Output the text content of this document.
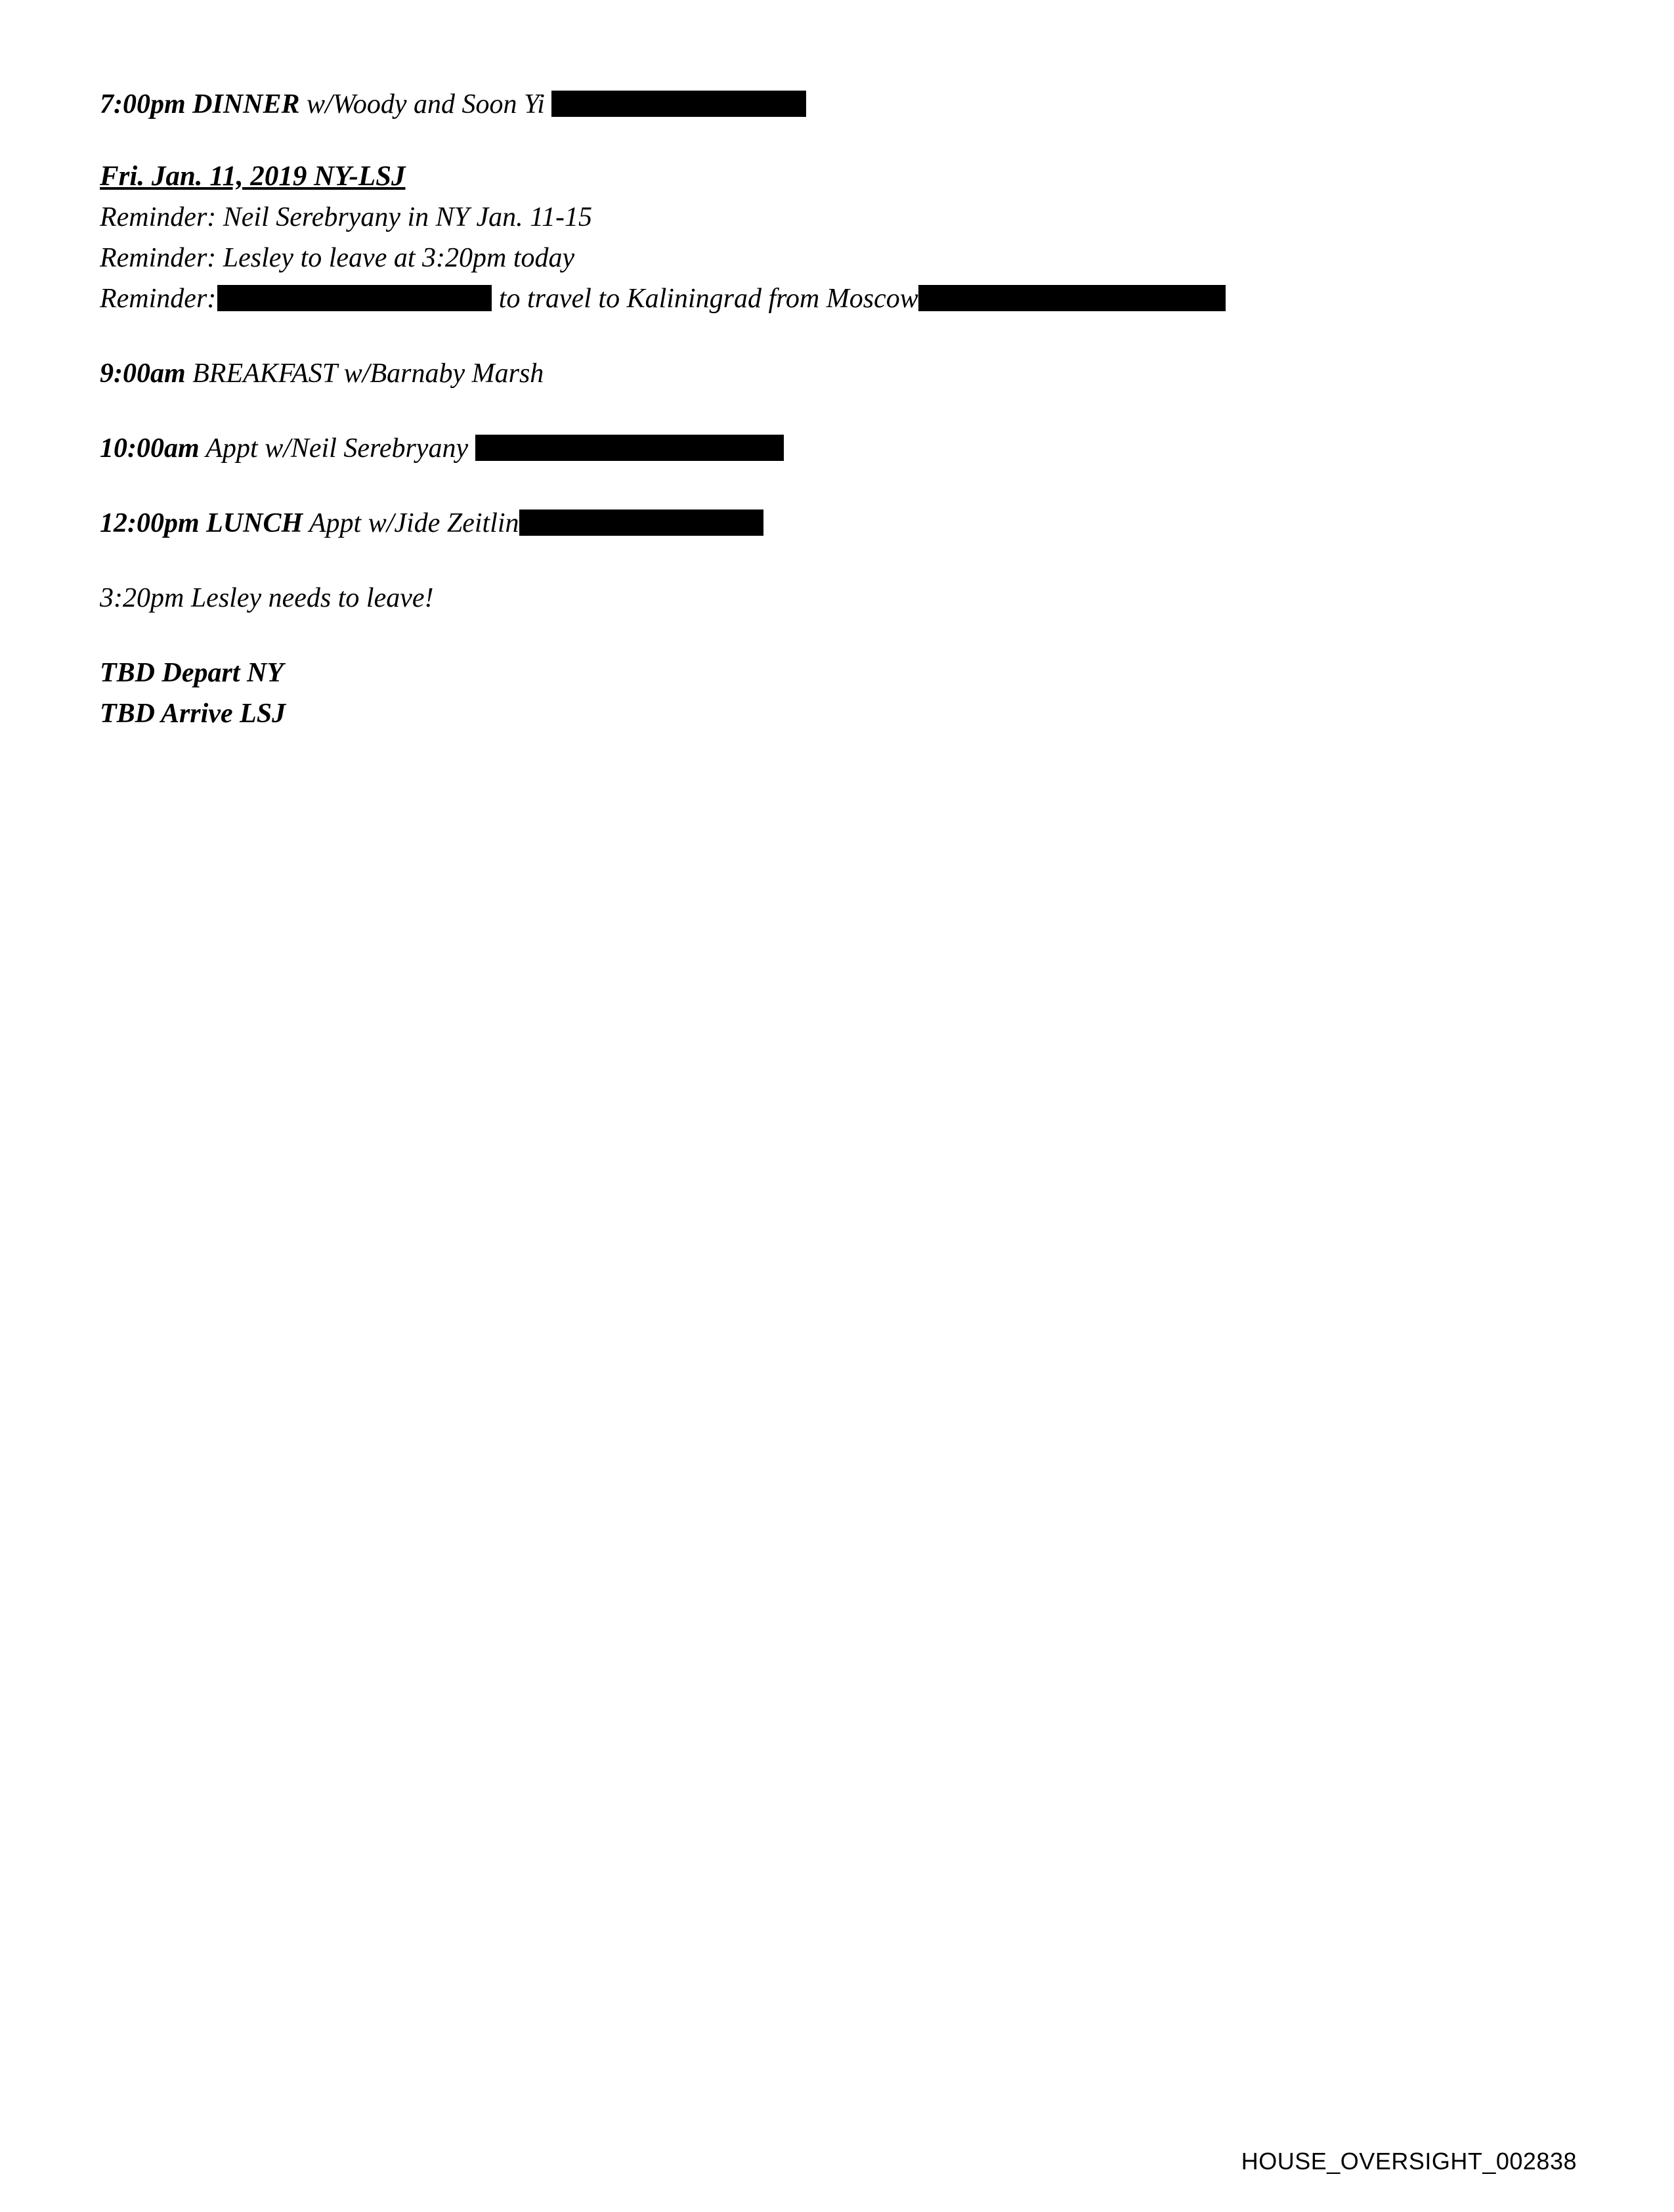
7:00pm DINNER w/Woody and Soon Yi
Fri. Jan. 11, 2019 NY-LSJ
Reminder: Neil Serebryany in NY Jan. 11-15
Reminder: Lesley to leave at 3:20pm today
Reminder:	to travel to Kaliningrad from Moscow
9:00am BREAKFAST w/Barnaby Marsh
10:00am Appt w/Neil Serebryany
12:00pm LUNCH Appt w/Jide Zeitlin
3:20pm Lesley needs to leave!
TBD Depart NY
TBD Arrive LSJ
HOUSE_OVERSIGHT_002838
